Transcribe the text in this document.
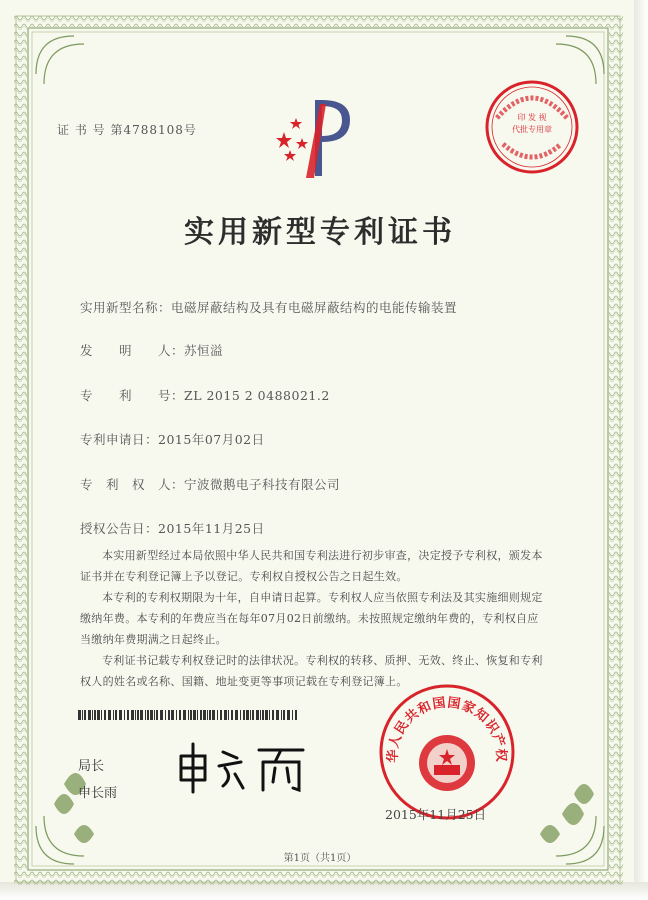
印 发 视
代批专用章
证 书 号 第4788108号
实用新型专利证书
实用新型名称：电磁屏蔽结构及具有电磁屏蔽结构的电能传输装置
发　　明　　人：苏恒溢
专　　利　　号：ZL 2015 2 0488021.2
专利申请日：2015年07月02日
专　利　权　人：宁波微鹅电子科技有限公司
授权公告日：2015年11月25日

本实用新型经过本局依照中华人民共和国专利法进行初步审查，决定授予专利权，颁发本证书并在专利登记簿上予以登记。专利权自授权公告之日起生效。

本专利的专利权期限为十年，自申请日起算。专利权人应当依照专利法及其实施细则规定缴纳年费。本专利的年费应当在每年07月02日前缴纳。未按照规定缴纳年费的，专利权自应当缴纳年费期满之日起终止。

专利证书记载专利权登记时的法律状况。专利权的转移、质押、无效、终止、恢复和专利权人的姓名或名称、国籍、地址变更等事项记载在专利登记簿上。

局长
申长雨
华人民共和国国家知识产权
2015年11月25日
第1页（共1页）
